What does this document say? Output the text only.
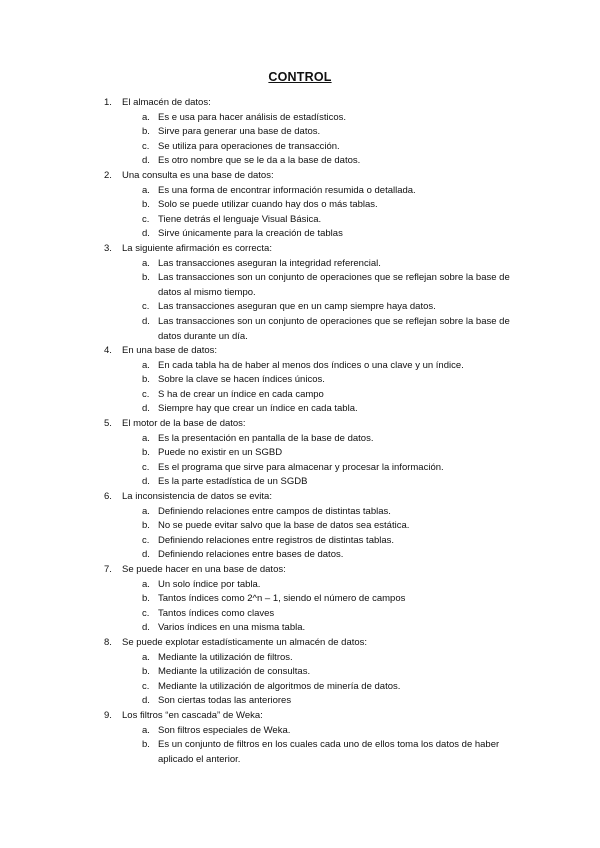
CONTROL
1. El almacén de datos:
a. Es e usa para hacer análisis de estadísticos.
b. Sirve para generar una base de datos.
c. Se utiliza para operaciones de transacción.
d. Es otro nombre que se le da a la base de datos.
2. Una consulta es una base de datos:
a. Es una forma de encontrar información resumida o detallada.
b. Solo se puede utilizar cuando hay dos o más tablas.
c. Tiene detrás el lenguaje Visual Básica.
d. Sirve únicamente para la creación de tablas
3. La siguiente afirmación es correcta:
a. Las transacciones aseguran la integridad referencial.
b. Las transacciones son un conjunto de operaciones que se reflejan sobre la base de datos al mismo tiempo.
c. Las transacciones aseguran que en un camp siempre haya datos.
d. Las transacciones son un conjunto de operaciones que se reflejan sobre la base de datos durante un día.
4. En una base de datos:
a. En cada tabla ha de haber al menos dos índices o una clave y un índice.
b. Sobre la clave se hacen índices únicos.
c. S ha de crear un índice en cada campo
d. Siempre hay que crear un índice en cada tabla.
5. El motor de la base de datos:
a. Es la presentación en pantalla de la base de datos.
b. Puede no existir en un SGBD
c. Es el programa que sirve para almacenar y procesar la información.
d. Es la parte estadística de un SGDB
6. La inconsistencia de datos se evita:
a. Definiendo relaciones entre campos de distintas tablas.
b. No se puede evitar salvo que la base de datos sea estática.
c. Definiendo relaciones entre registros de distintas tablas.
d. Definiendo relaciones entre bases de datos.
7. Se puede hacer en una base de datos:
a. Un solo índice por tabla.
b. Tantos índices como 2^n – 1, siendo el número de campos
c. Tantos índices como claves
d. Varios índices en una misma tabla.
8. Se puede explotar estadísticamente un almacén de datos:
a. Mediante la utilización de filtros.
b. Mediante la utilización de consultas.
c. Mediante la utilización de algoritmos de minería de datos.
d. Son ciertas todas las anteriores
9. Los filtros “en cascada” de Weka:
a. Son filtros especiales de Weka.
b. Es un conjunto de filtros en los cuales cada uno de ellos toma los datos de haber aplicado el anterior.
